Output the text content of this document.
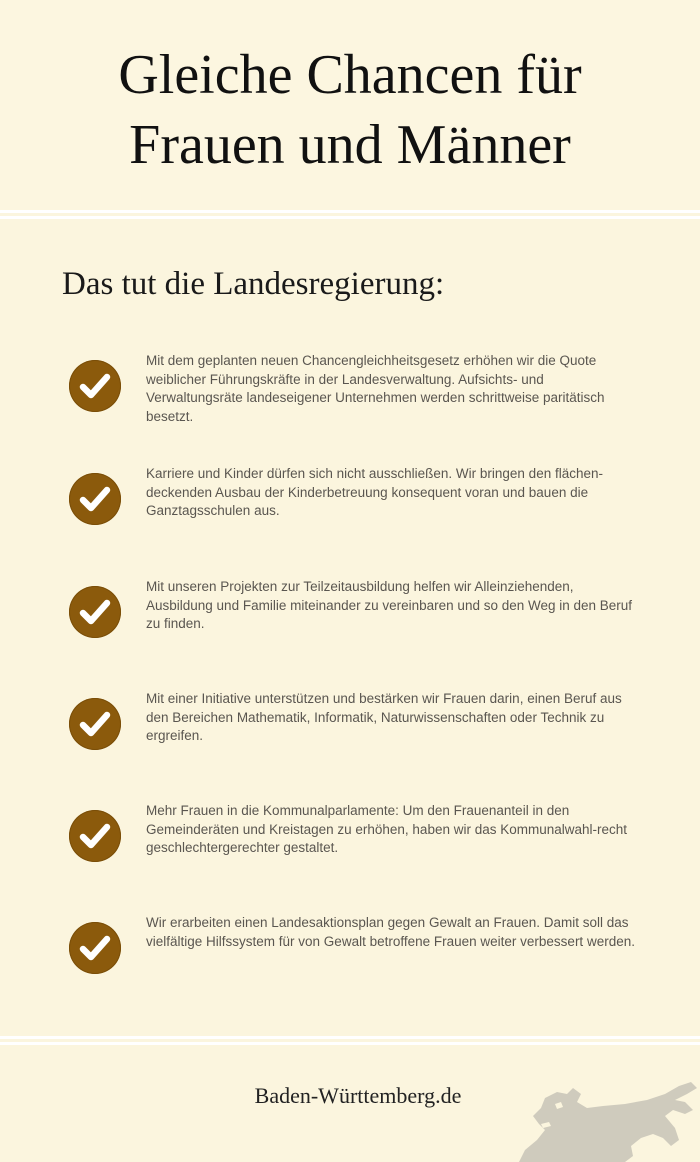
Gleiche Chancen für
Frauen und Männer
Das tut die Landesregierung:
Mit dem geplanten neuen Chancengleichheitsgesetz erhöhen wir die Quote weiblicher Führungskräfte in der Landesverwaltung. Aufsichts- und Verwaltungsräte landeseigener Unternehmen werden schrittweise paritätisch besetzt.
Karriere und Kinder dürfen sich nicht ausschließen. Wir bringen den flächen-deckenden Ausbau der Kinderbetreuung konsequent voran und bauen die Ganztagsschulen aus.
Mit unseren Projekten zur Teilzeitausbildung helfen wir Alleinziehenden, Ausbildung und Familie miteinander zu vereinbaren und so den Weg in den Beruf zu finden.
Mit einer Initiative unterstützen und bestärken wir Frauen darin, einen Beruf aus den Bereichen Mathematik, Informatik, Naturwissenschaften oder Technik zu ergreifen.
Mehr Frauen in die Kommunalparlamente: Um den Frauenanteil in den Gemeinderäten und Kreistagen zu erhöhen, haben wir das Kommunalwahl-recht geschlechtergerechter gestaltet.
Wir erarbeiten einen Landesaktionsplan gegen Gewalt an Frauen. Damit soll das vielfältige Hilfssystem für von Gewalt betroffene Frauen weiter verbessert werden.
Baden-Württemberg.de
